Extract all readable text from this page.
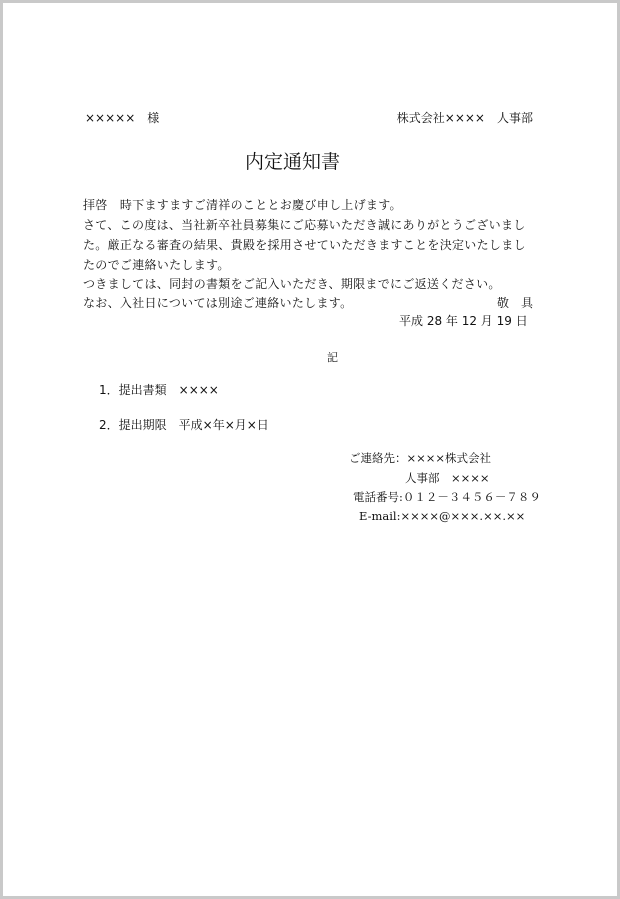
×××××　様	株式会社××××　人事部
内定通知書
拝啓　時下ますますご清祥のこととお慶び申し上げます。
さて、この度は、当社新卒社員募集にご応募いただき誠にありがとうございまし
た。厳正なる審査の結果、貴殿を採用させていただきますことを決定いたしまし
たのでご連絡いたします。
つきましては、同封の書類をご記入いただき、期限までにご返送ください。
なお、入社日については別途ご連絡いたします。	敬　具
平成 28 年 12 月 19 日
記
1．提出書類　××××
2．提出期限　平成×年×月×日
ご連絡先：××××株式会社
人事部　××××
電話番号:０１２－３４５６－７８９
E-mail:××××@×××.××.××
